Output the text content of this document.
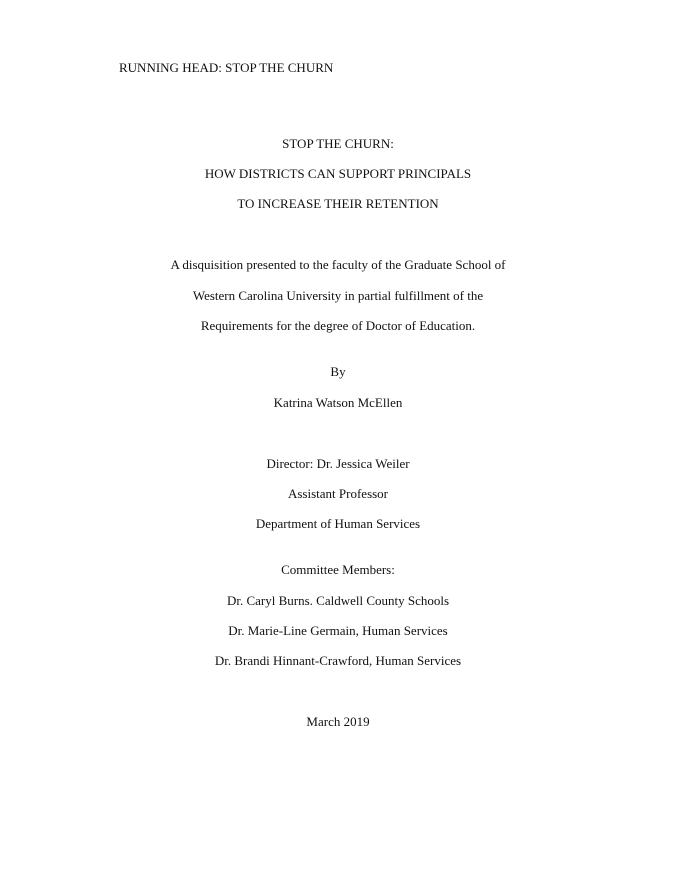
RUNNING HEAD: STOP THE CHURN
STOP THE CHURN:
HOW DISTRICTS CAN SUPPORT PRINCIPALS
TO INCREASE THEIR RETENTION
A disquisition presented to the faculty of the Graduate School of
Western Carolina University in partial fulfillment of the
Requirements for the degree of Doctor of Education.
By
Katrina Watson McEllen
Director: Dr. Jessica Weiler
Assistant Professor
Department of Human Services
Committee Members:
Dr. Caryl Burns. Caldwell County Schools
Dr. Marie-Line Germain, Human Services
Dr. Brandi Hinnant-Crawford, Human Services
March 2019
